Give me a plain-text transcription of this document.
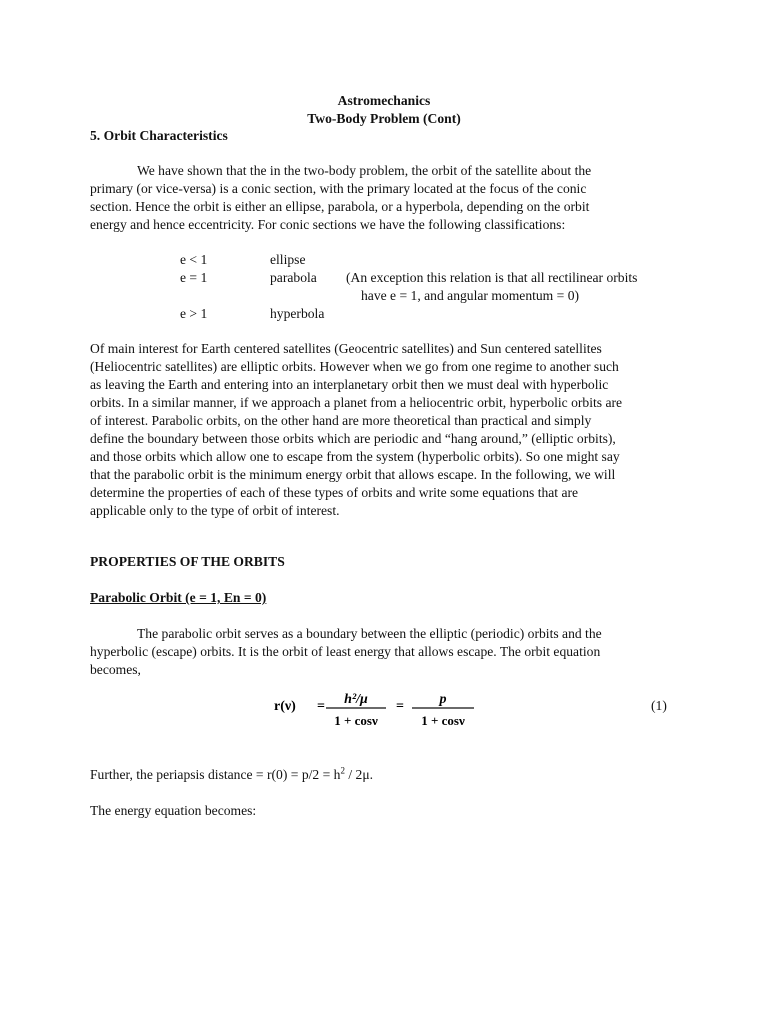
Astromechanics
Two-Body Problem (Cont)
5. Orbit Characteristics
We have shown that the in the two-body problem, the orbit of the satellite about the
primary (or vice-versa) is a conic section, with the primary located at the focus of the conic
section. Hence the orbit is either an ellipse, parabola, or a hyperbola, depending on the orbit
energy and hence eccentricity. For conic sections we have the following classifications:
e < 1	ellipse
e = 1	parabola (An exception this relation is that all rectilinear orbits
have e = 1, and angular momentum = 0)
e > 1	hyperbola
Of main interest for Earth centered satellites (Geocentric satellites) and Sun centered satellites
(Heliocentric satellites) are elliptic orbits. However when we go from one regime to another such
as leaving the Earth and entering into an interplanetary orbit then we must deal with hyperbolic
orbits. In a similar manner, if we approach a planet from a heliocentric orbit, hyperbolic orbits are
of interest. Parabolic orbits, on the other hand are more theoretical than practical and simply
define the boundary between those orbits which are periodic and “hang around,” (elliptic orbits),
and those orbits which allow one to escape from the system (hyperbolic orbits). So one might say
that the parabolic orbit is the minimum energy orbit that allows escape. In the following, we will
determine the properties of each of these types of orbits and write some equations that are
applicable only to the type of orbit of interest.
PROPERTIES OF THE ORBITS
Parabolic Orbit (e = 1, En = 0)
The parabolic orbit serves as a boundary between the elliptic (periodic) orbits and the
hyperbolic (escape) orbits. It is the orbit of least energy that allows escape. The orbit equation
becomes,
r(ν) = h²/μ
1 + cosν
=	p
1 + cosν
(1)
Further, the periapsis distance = $r(0) = p/2 = h^2 / 2\mu$.
The energy equation becomes:
